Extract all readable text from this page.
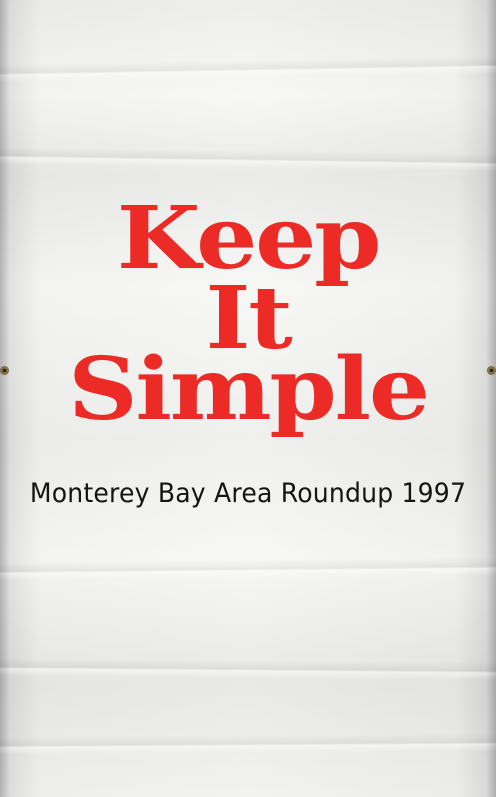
Keep
It
Simple
Monterey Bay Area Roundup 1997
